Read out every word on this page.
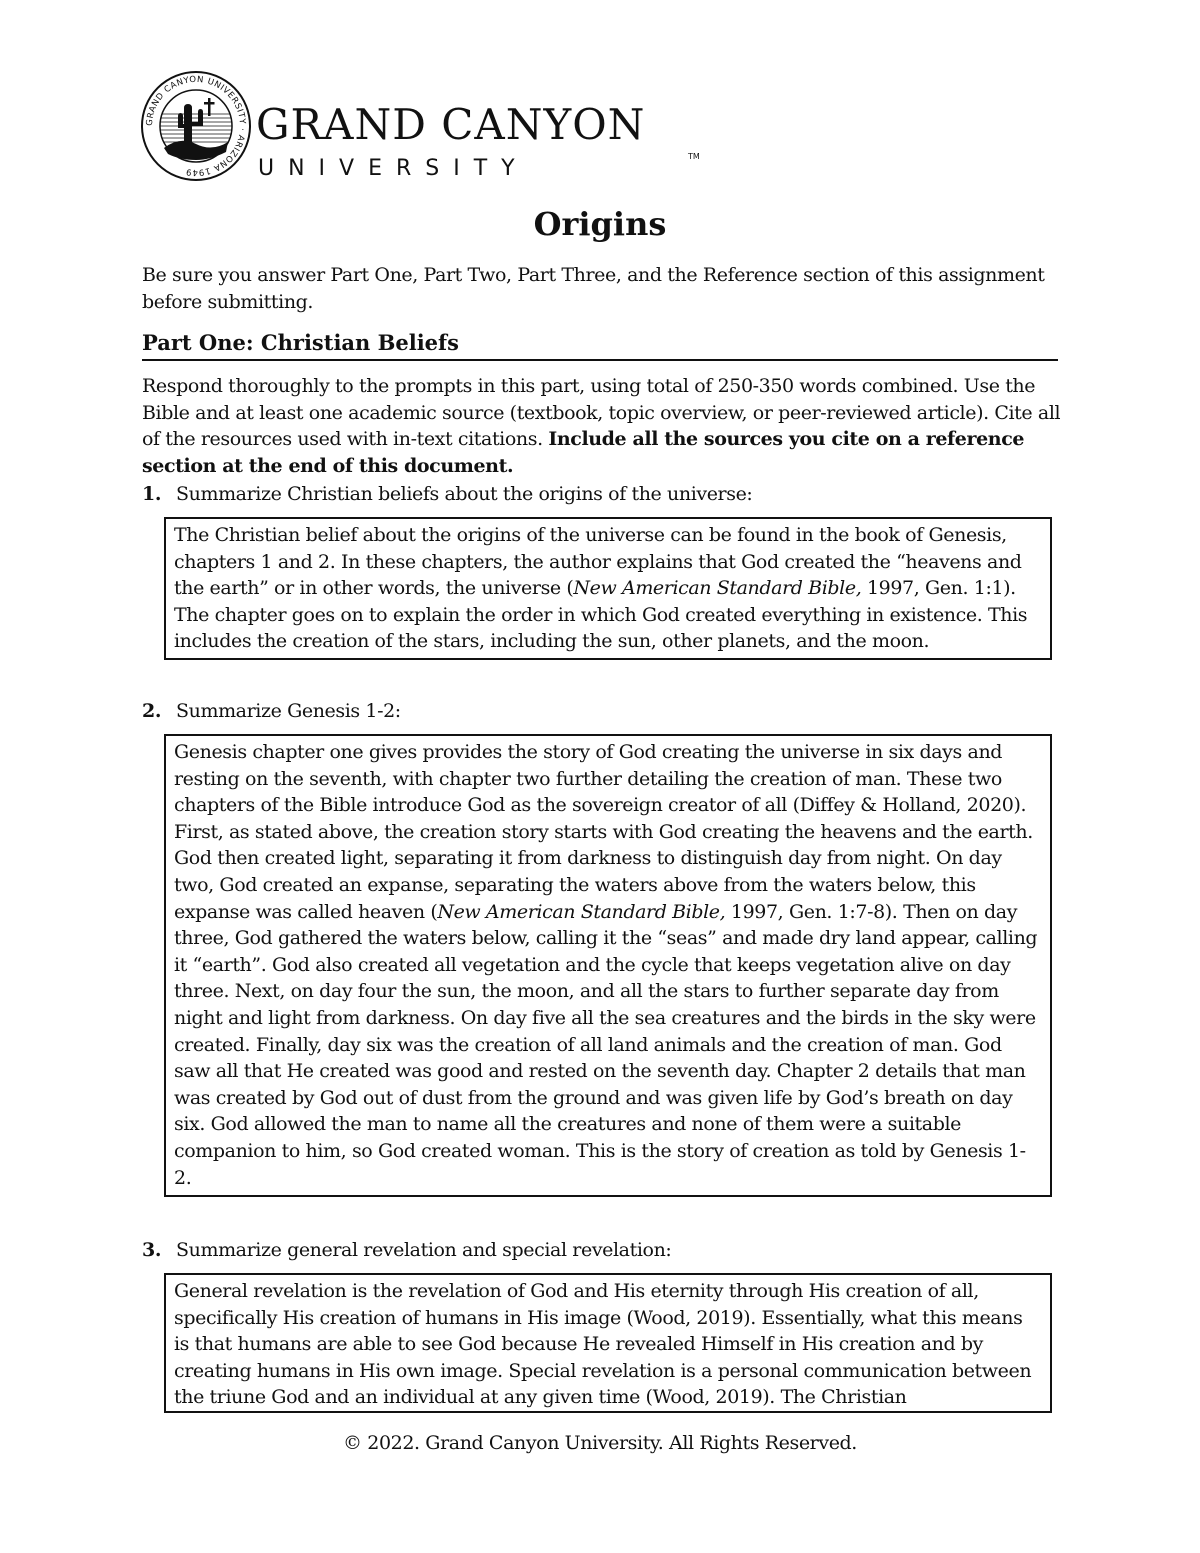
GRAND CANYON UNIVERSITY · ARIZONA 1949
GRAND CANYON
UNIVERSITY	TM
Origins
Be sure you answer Part One, Part Two, Part Three, and the Reference section of this assignment before submitting.
Part One: Christian Beliefs
Respond thoroughly to the prompts in this part, using total of 250-350 words combined. Use the Bible and at least one academic source (textbook, topic overview, or peer-reviewed article). Cite all of the resources used with in-text citations. Include all the sources you cite on a reference section at the end of this document.
1. Summarize Christian beliefs about the origins of the universe:
The Christian belief about the origins of the universe can be found in the book of Genesis, chapters 1 and 2. In these chapters, the author explains that God created the “heavens and the earth” or in other words, the universe (New American Standard Bible, 1997, Gen. 1:1). The chapter goes on to explain the order in which God created everything in existence. This includes the creation of the stars, including the sun, other planets, and the moon.
2. Summarize Genesis 1-2:
Genesis chapter one gives provides the story of God creating the universe in six days and resting on the seventh, with chapter two further detailing the creation of man. These two chapters of the Bible introduce God as the sovereign creator of all (Diffey & Holland, 2020). First, as stated above, the creation story starts with God creating the heavens and the earth. God then created light, separating it from darkness to distinguish day from night. On day two, God created an expanse, separating the waters above from the waters below, this expanse was called heaven (New American Standard Bible, 1997, Gen. 1:7-8). Then on day three, God gathered the waters below, calling it the “seas” and made dry land appear, calling it “earth”. God also created all vegetation and the cycle that keeps vegetation alive on day three. Next, on day four the sun, the moon, and all the stars to further separate day from night and light from darkness. On day five all the sea creatures and the birds in the sky were created. Finally, day six was the creation of all land animals and the creation of man. God saw all that He created was good and rested on the seventh day. Chapter 2 details that man was created by God out of dust from the ground and was given life by God’s breath on day six. God allowed the man to name all the creatures and none of them were a suitable companion to him, so God created woman. This is the story of creation as told by Genesis 1-2.
3. Summarize general revelation and special revelation:
General revelation is the revelation of God and His eternity through His creation of all, specifically His creation of humans in His image (Wood, 2019). Essentially, what this means is that humans are able to see God because He revealed Himself in His creation and by creating humans in His own image. Special revelation is a personal communication between the triune God and an individual at any given time (Wood, 2019). The Christian
© 2022. Grand Canyon University. All Rights Reserved.
